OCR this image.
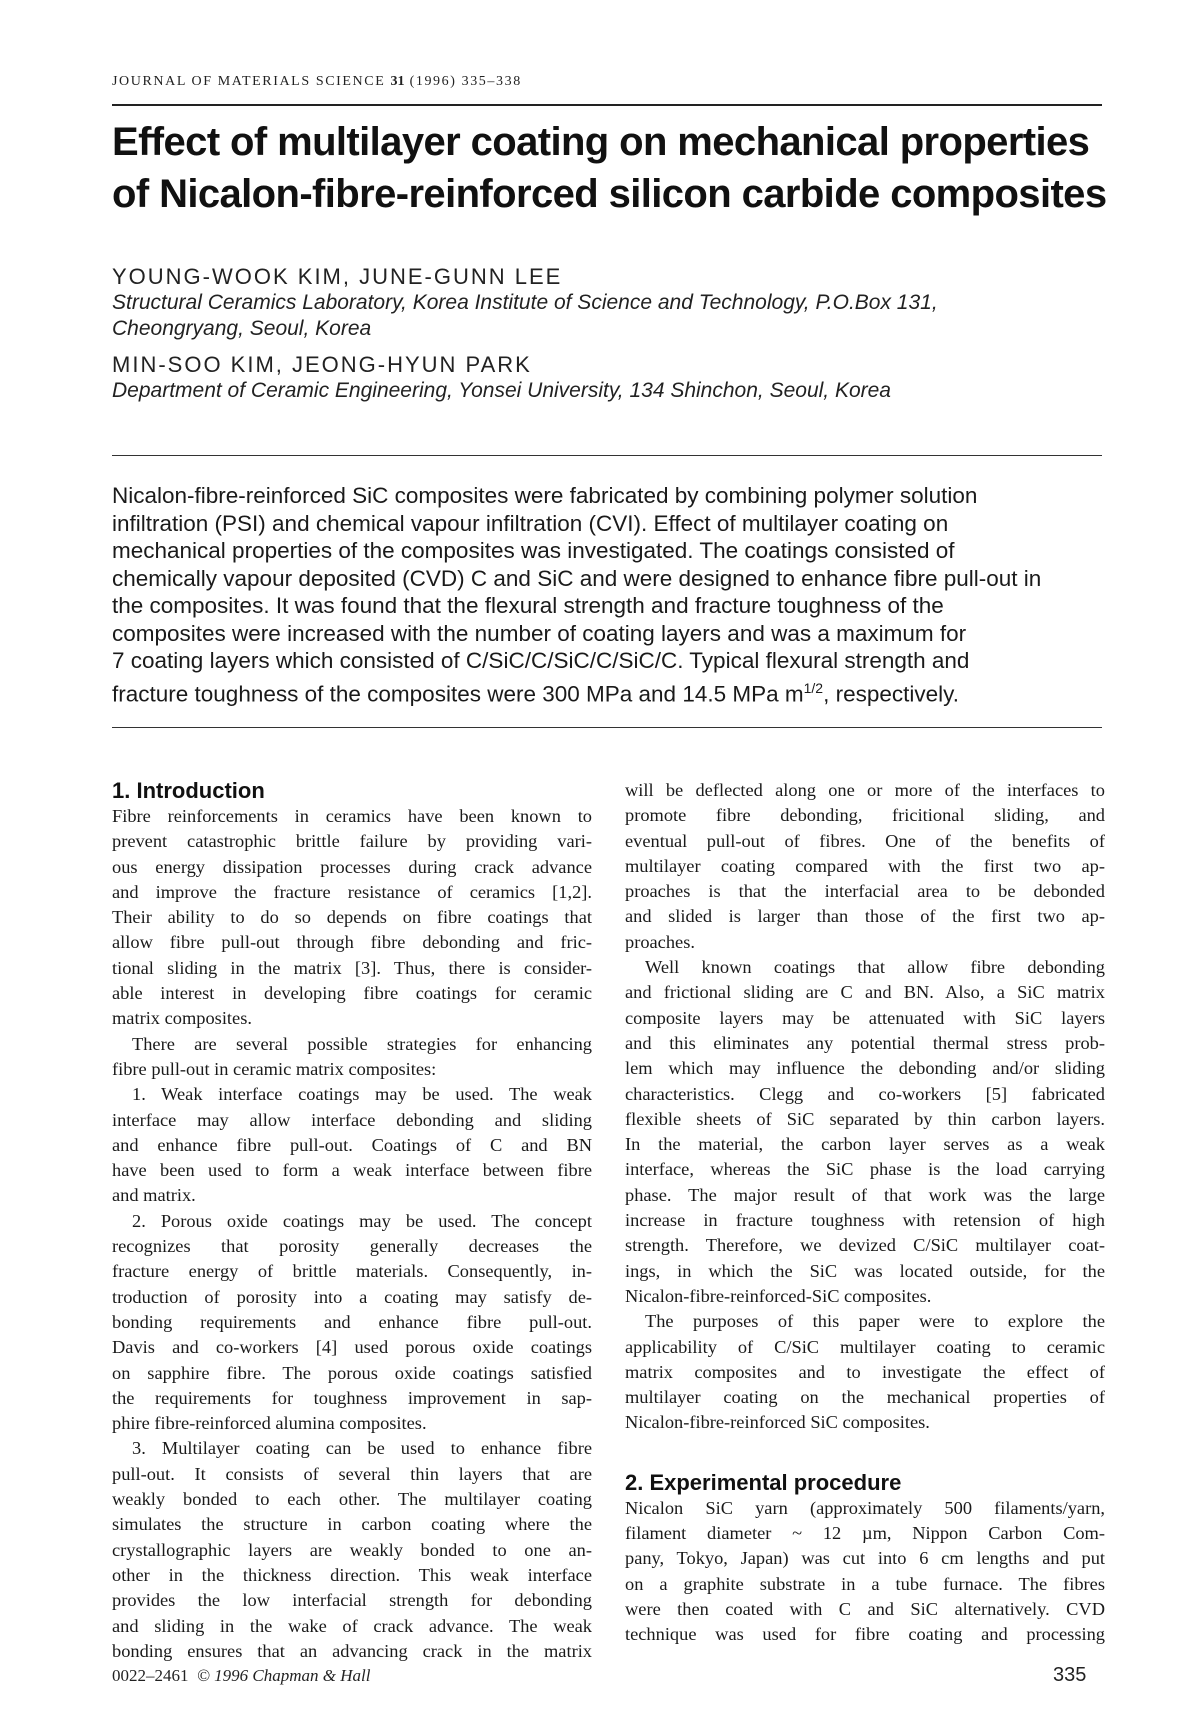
JOURNAL OF MATERIALS SCIENCE 31 (1996) 335–338
Effect of multilayer coating on mechanical properties
of Nicalon-fibre-reinforced silicon carbide composites
YOUNG-WOOK KIM, JUNE-GUNN LEE
Structural Ceramics Laboratory, Korea Institute of Science and Technology, P.O.Box 131,
Cheongryang, Seoul, Korea
MIN-SOO KIM, JEONG-HYUN PARK
Department of Ceramic Engineering, Yonsei University, 134 Shinchon, Seoul, Korea
Nicalon-fibre-reinforced SiC composites were fabricated by combining polymer solution
infiltration (PSI) and chemical vapour infiltration (CVI). Effect of multilayer coating on
mechanical properties of the composites was investigated. The coatings consisted of
chemically vapour deposited (CVD) C and SiC and were designed to enhance fibre pull-out in
the composites. It was found that the flexural strength and fracture toughness of the
composites were increased with the number of coating layers and was a maximum for
7 coating layers which consisted of C/SiC/C/SiC/C/SiC/C. Typical flexural strength and
fracture toughness of the composites were 300 MPa and 14.5 MPa $m^{1/2}$, respectively.
1. Introduction
Fibre reinforcements in ceramics have been known to
prevent catastrophic brittle failure by providing vari-
ous energy dissipation processes during crack advance
and improve the fracture resistance of ceramics [1,2].
Their ability to do so depends on fibre coatings that
allow fibre pull-out through fibre debonding and fric-
tional sliding in the matrix [3]. Thus, there is consider-
able interest in developing fibre coatings for ceramic
matrix composites.
There are several possible strategies for enhancing
fibre pull-out in ceramic matrix composites:
1. Weak interface coatings may be used. The weak
interface may allow interface debonding and sliding
and enhance fibre pull-out. Coatings of C and BN
have been used to form a weak interface between fibre
and matrix.
2. Porous oxide coatings may be used. The concept
recognizes that porosity generally decreases the
fracture energy of brittle materials. Consequently, in-
troduction of porosity into a coating may satisfy de-
bonding requirements and enhance fibre pull-out.
Davis and co-workers [4] used porous oxide coatings
on sapphire fibre. The porous oxide coatings satisfied
the requirements for toughness improvement in sap-
phire fibre-reinforced alumina composites.
3. Multilayer coating can be used to enhance fibre
pull-out. It consists of several thin layers that are
weakly bonded to each other. The multilayer coating
simulates the structure in carbon coating where the
crystallographic layers are weakly bonded to one an-
other in the thickness direction. This weak interface
provides the low interfacial strength for debonding
and sliding in the wake of crack advance. The weak
bonding ensures that an advancing crack in the matrix
will be deflected along one or more of the interfaces to
promote fibre debonding, fricitional sliding, and
eventual pull-out of fibres. One of the benefits of
multilayer coating compared with the first two ap-
proaches is that the interfacial area to be debonded
and slided is larger than those of the first two ap-
proaches.
Well known coatings that allow fibre debonding
and frictional sliding are C and BN. Also, a SiC matrix
composite layers may be attenuated with SiC layers
and this eliminates any potential thermal stress prob-
lem which may influence the debonding and/or sliding
characteristics. Clegg and co-workers [5] fabricated
flexible sheets of SiC separated by thin carbon layers.
In the material, the carbon layer serves as a weak
interface, whereas the SiC phase is the load carrying
phase. The major result of that work was the large
increase in fracture toughness with retension of high
strength. Therefore, we devized C/SiC multilayer coat-
ings, in which the SiC was located outside, for the
Nicalon-fibre-reinforced-SiC composites.
The purposes of this paper were to explore the
applicability of C/SiC multilayer coating to ceramic
matrix composites and to investigate the effect of
multilayer coating on the mechanical properties of
Nicalon-fibre-reinforced SiC composites.
2. Experimental procedure
Nicalon SiC yarn (approximately 500 filaments/yarn,
filament diameter ~ 12 µm, Nippon Carbon Com-
pany, Tokyo, Japan) was cut into 6 cm lengths and put
on a graphite substrate in a tube furnace. The fibres
were then coated with C and SiC alternatively. CVD
technique was used for fibre coating and processing
0022–2461 © 1996 Chapman & Hall	335
